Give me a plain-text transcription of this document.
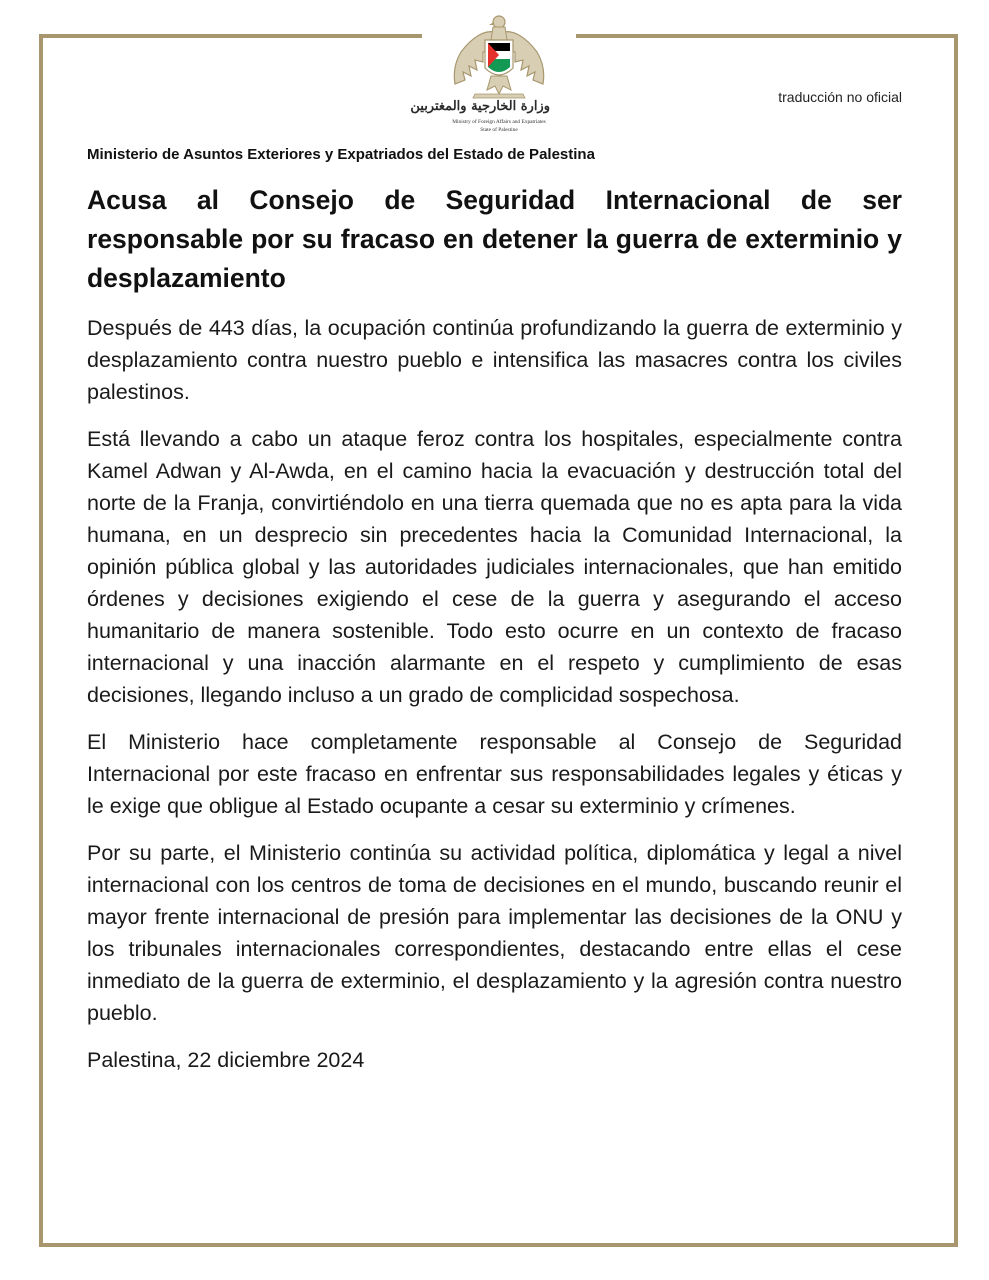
وزارة الخارجية والمغتربين
Ministry of Foreign Affairs and Expatriates
State of Palestine
traducción no oficial
Ministerio de Asuntos Exteriores y Expatriados del Estado de Palestina
Acusa al Consejo de Seguridad Internacional de ser responsable por su fracaso en detener la guerra de exterminio y desplazamiento

Después de 443 días, la ocupación continúa profundizando la guerra de exterminio y desplazamiento contra nuestro pueblo e intensifica las masacres contra los civiles palestinos.

Está llevando a cabo un ataque feroz contra los hospitales, especialmente contra Kamel Adwan y Al-Awda, en el camino hacia la evacuación y destrucción total del norte de la Franja, convirtiéndolo en una tierra quemada que no es apta para la vida humana, en un desprecio sin precedentes hacia la Comunidad Internacional, la opinión pública global y las autoridades judiciales internacionales, que han emitido órdenes y decisiones exigiendo el cese de la guerra y asegurando el acceso humanitario de manera sostenible. Todo esto ocurre en un contexto de fracaso internacional y una inacción alarmante en el respeto y cumplimiento de esas decisiones, llegando incluso a un grado de complicidad sospechosa.

El Ministerio hace completamente responsable al Consejo de Seguridad Internacional por este fracaso en enfrentar sus responsabilidades legales y éticas y le exige que obligue al Estado ocupante a cesar su exterminio y crímenes.

Por su parte, el Ministerio continúa su actividad política, diplomática y legal a nivel internacional con los centros de toma de decisiones en el mundo, buscando reunir el mayor frente internacional de presión para implementar las decisiones de la ONU y los tribunales internacionales correspondientes, destacando entre ellas el cese inmediato de la guerra de exterminio, el desplazamiento y la agresión contra nuestro pueblo.

Palestina, 22 diciembre 2024
